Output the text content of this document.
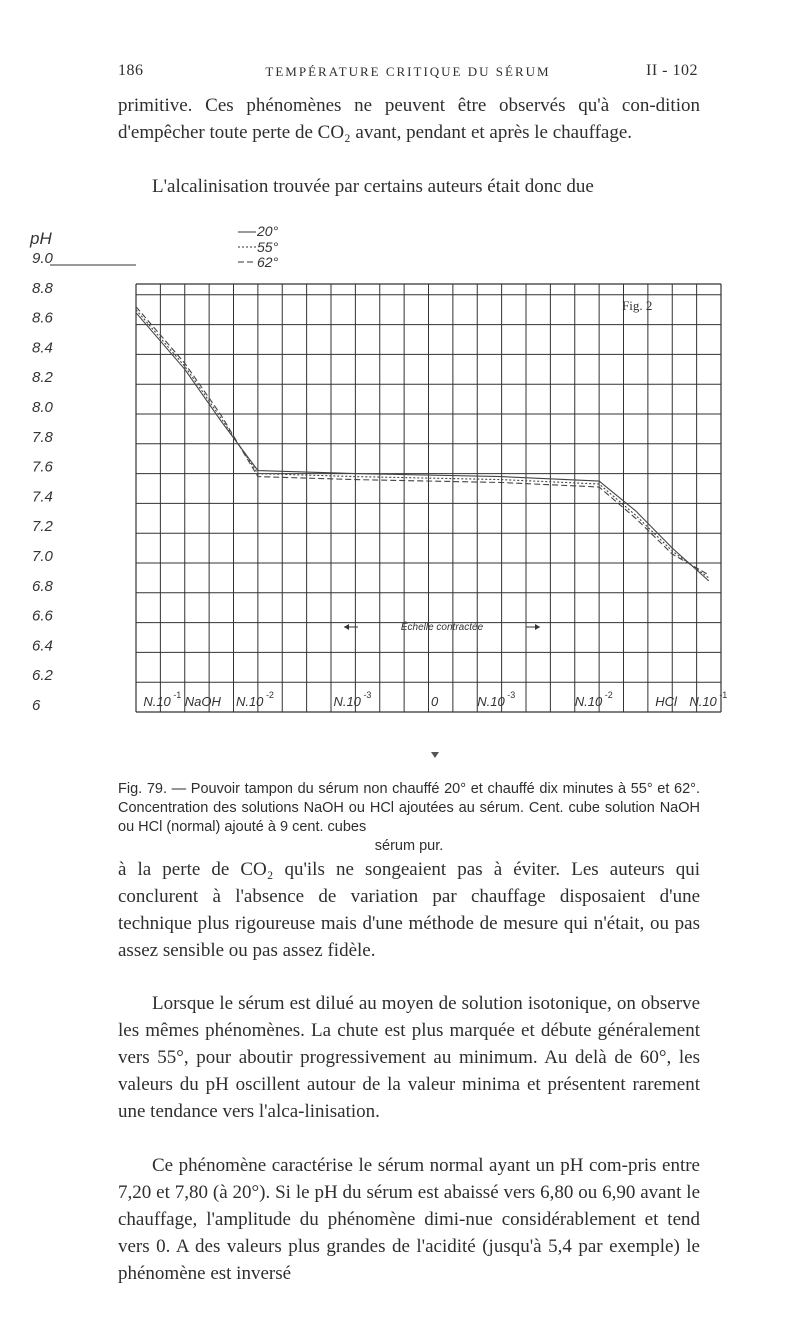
186	TEMPÉRATURE CRITIQUE DU SÉRUM	II - 102

primitive. Ces phénomènes ne peuvent être observés qu'à con-dition d'empêcher toute perte de CO₂ avant, pendant et après le chauffage.

L'alcalinisation trouvée par certains auteurs était donc due

pH
9.0
8.8
8.6
8.4
8.2
8.0
7.8
7.6
7.4
7.2
7.0
6.8
6.6
6.4
6.2
6
20°
55°
62°
Fig. 2
Échelle contractée
N.10 -1 NaOH N.10 -2	N.10 -3	0	N.10 -3	N.10 -2	HCl N.10 -1

Fig. 79. — Pouvoir tampon du sérum non chauffé 20° et chauffé dix minutes à 55° et 62°. Concentration des solutions NaOH ou HCl ajoutées au sérum. Cent. cube solution NaOH ou HCl (normal) ajouté à 9 cent. cubes
sérum pur.

à la perte de CO₂ qu'ils ne songeaient pas à éviter. Les auteurs qui conclurent à l'absence de variation par chauffage disposaient d'une technique plus rigoureuse mais d'une méthode de mesure qui n'était, ou pas assez sensible ou pas assez fidèle.

Lorsque le sérum est dilué au moyen de solution isotonique, on observe les mêmes phénomènes. La chute est plus marquée et débute généralement vers 55°, pour aboutir progressivement au minimum. Au delà de 60°, les valeurs du pH oscillent autour de la valeur minima et présentent rarement une tendance vers l'alca-linisation.

Ce phénomène caractérise le sérum normal ayant un pH com-pris entre 7,20 et 7,80 (à 20°). Si le pH du sérum est abaissé vers 6,80 ou 6,90 avant le chauffage, l'amplitude du phénomène dimi-nue considérablement et tend vers 0. A des valeurs plus grandes de l'acidité (jusqu'à 5,4 par exemple) le phénomène est inversé
